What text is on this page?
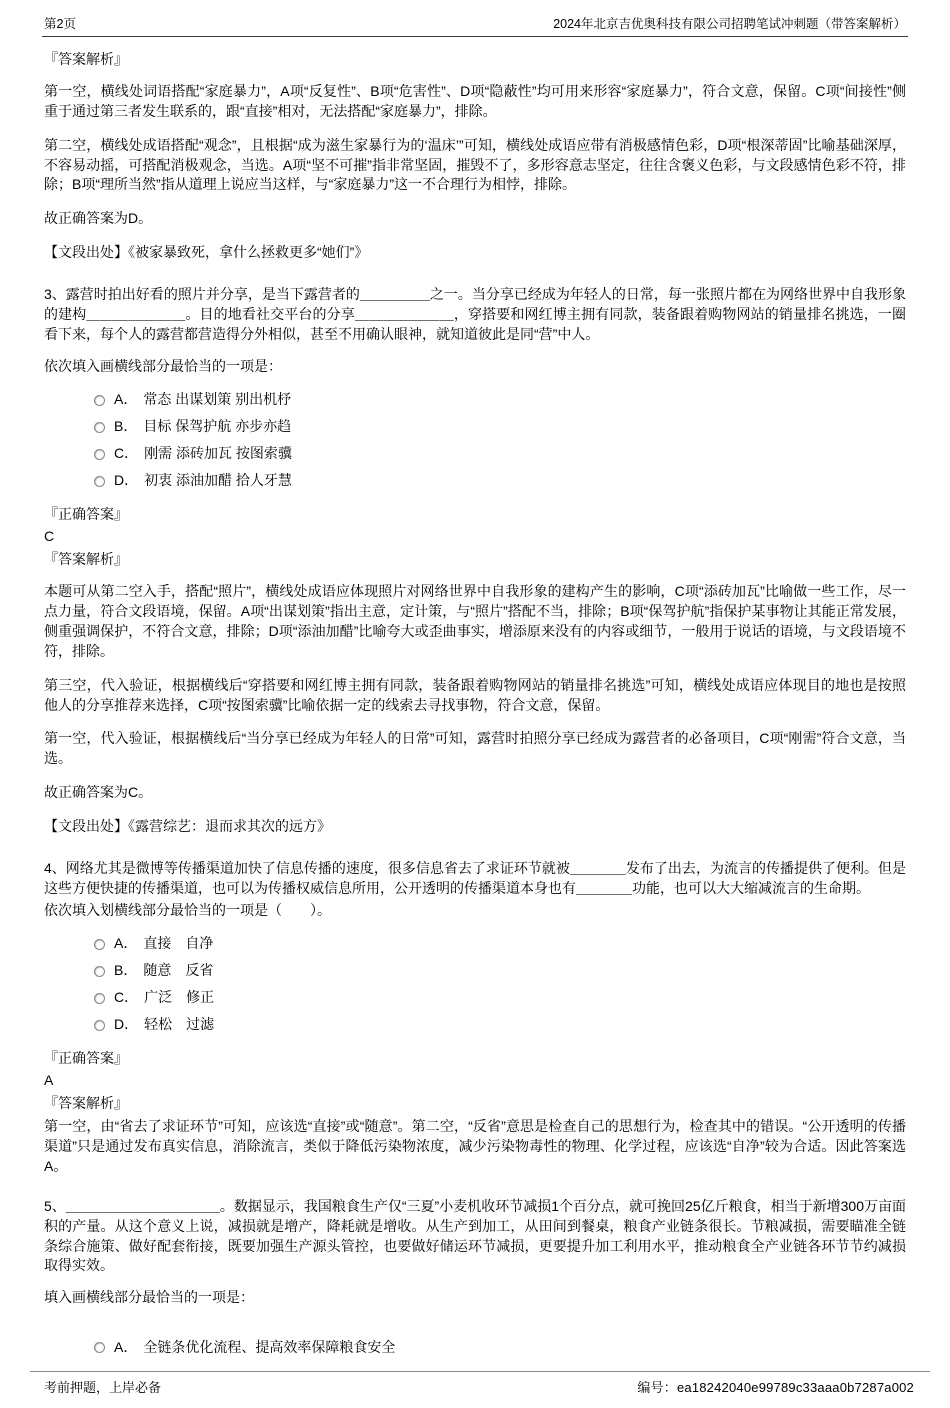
第2页	2024年北京吉优奥科技有限公司招聘笔试冲刺题（带答案解析）

『答案解析』

第一空，横线处词语搭配“家庭暴力”，A项“反复性”、B项“危害性”、D项“隐蔽性”均可用来形容“家庭暴力”，符合文意，保留。C项“间接性”侧重于通过第三者发生联系的，跟“直接”相对，无法搭配“家庭暴力”，排除。

第二空，横线处成语搭配“观念”，且根据“成为滋生家暴行为的‘温床’”可知，横线处成语应带有消极感情色彩，D项“根深蒂固”比喻基础深厚，不容易动摇，可搭配消极观念，当选。A项“坚不可摧”指非常坚固，摧毁不了，多形容意志坚定，往往含褒义色彩，与文段感情色彩不符，排除；B项“理所当然”指从道理上说应当这样，与“家庭暴力”这一不合理行为相悖，排除。

故正确答案为D。

【文段出处】《被家暴致死，拿什么拯救更多“她们”》

3、露营时拍出好看的照片并分享，是当下露营者的＿＿＿＿＿之一。当分享已经成为年轻人的日常，每一张照片都在为网络世界中自我形象的建构＿＿＿＿＿＿＿。目的地看社交平台的分享＿＿＿＿＿＿＿，穿搭要和网红博主拥有同款，装备跟着购物网站的销量排名挑选，一圈看下来，每个人的露营都营造得分外相似，甚至不用确认眼神，就知道彼此是同“营”中人。

依次填入画横线部分最恰当的一项是：

A． 常态 出谋划策 别出机杼
B． 目标 保驾护航 亦步亦趋
C． 刚需 添砖加瓦 按图索骥
D． 初衷 添油加醋 拾人牙慧

『正确答案』

C

『答案解析』

本题可从第二空入手，搭配“照片”，横线处成语应体现照片对网络世界中自我形象的建构产生的影响，C项“添砖加瓦”比喻做一些工作，尽一点力量，符合文段语境，保留。A项“出谋划策”指出主意，定计策，与“照片”搭配不当，排除；B项“保驾护航”指保护某事物让其能正常发展，侧重强调保护，不符合文意，排除；D项“添油加醋”比喻夸大或歪曲事实，增添原来没有的内容或细节，一般用于说话的语境，与文段语境不符，排除。

第三空，代入验证，根据横线后“穿搭要和网红博主拥有同款，装备跟着购物网站的销量排名挑选”可知，横线处成语应体现目的地也是按照他人的分享推荐来选择，C项“按图索骥”比喻依据一定的线索去寻找事物，符合文意，保留。

第一空，代入验证，根据横线后“当分享已经成为年轻人的日常”可知，露营时拍照分享已经成为露营者的必备项目，C项“刚需”符合文意，当选。

故正确答案为C。

【文段出处】《露营综艺：退而求其次的远方》

4、网络尤其是微博等传播渠道加快了信息传播的速度，很多信息省去了求证环节就被＿＿＿＿发布了出去，为流言的传播提供了便利。但是这些方便快捷的传播渠道，也可以为传播权威信息所用，公开透明的传播渠道本身也有＿＿＿＿功能，也可以大大缩减流言的生命期。

依次填入划横线部分最恰当的一项是（　　）。

A． 直接　自净
B． 随意　反省
C． 广泛　修正
D． 轻松　过滤

『正确答案』

A

『答案解析』

第一空，由“省去了求证环节”可知，应该选“直接”或“随意”。第二空，“反省”意思是检查自己的思想行为，检查其中的错误。“公开透明的传播渠道”只是通过发布真实信息，消除流言，类似于降低污染物浓度，减少污染物毒性的物理、化学过程，应该选“自净”较为合适。因此答案选A。

5、＿＿＿＿＿＿＿＿＿＿＿。数据显示，我国粮食生产仅“三夏”小麦机收环节减损1个百分点，就可挽回25亿斤粮食，相当于新增300万亩面积的产量。从这个意义上说，减损就是增产，降耗就是增收。从生产到加工，从田间到餐桌，粮食产业链条很长。节粮减损，需要瞄准全链条综合施策、做好配套衔接，既要加强生产源头管控，也要做好储运环节减损，更要提升加工利用水平，推动粮食全产业链各环节节约减损取得实效。

填入画横线部分最恰当的一项是：

A． 全链条优化流程、提高效率保障粮食安全
考前押题，上岸必备	编号：ea18242040e99789c33aaa0b7287a002
